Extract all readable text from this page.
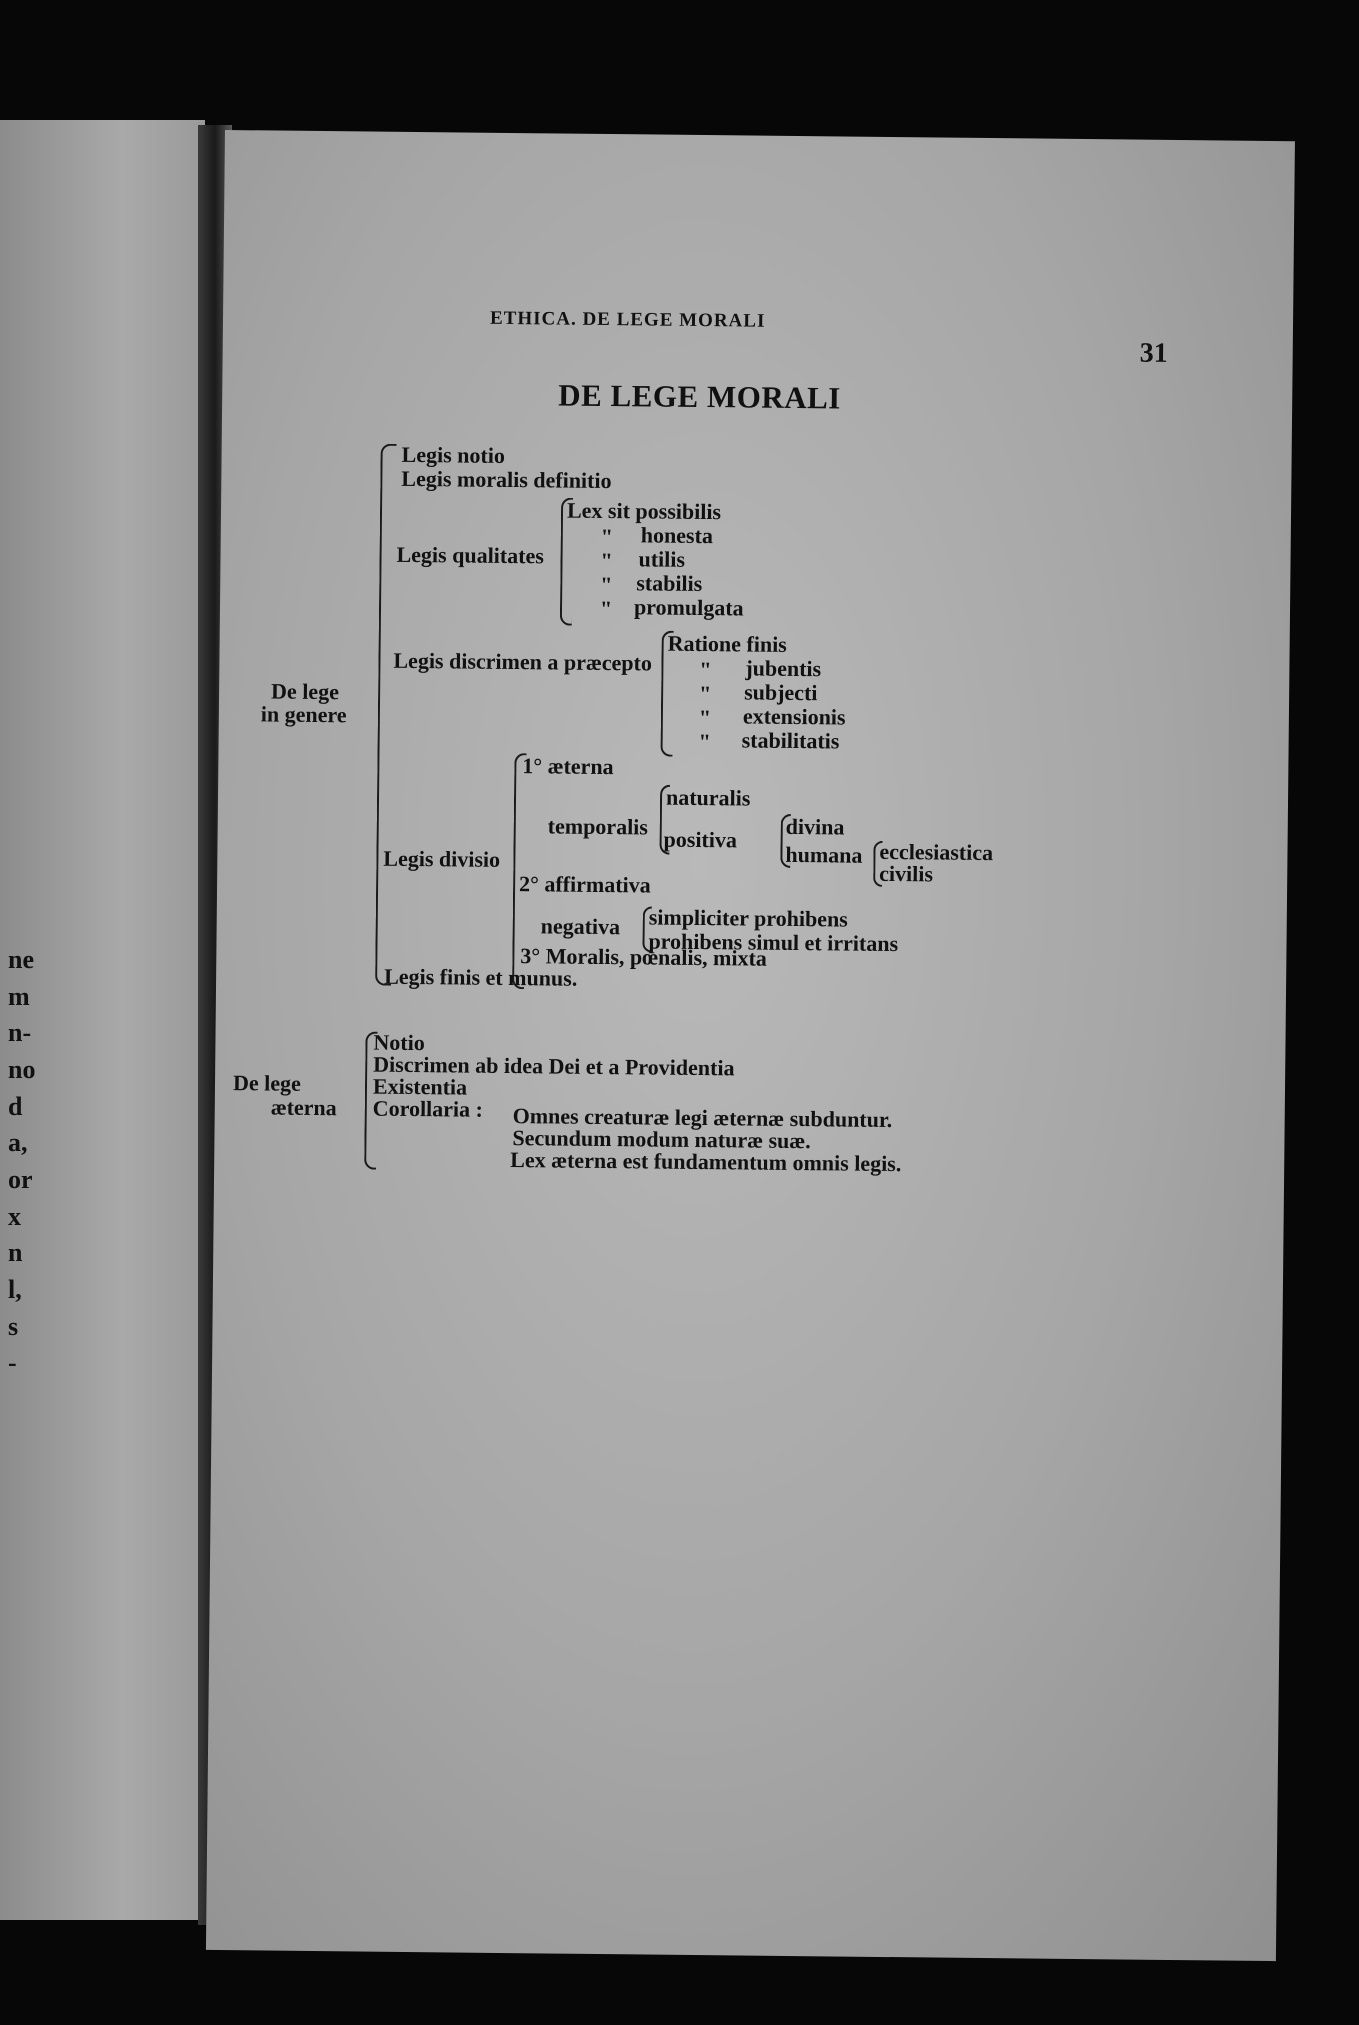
ne
m
n-
no
d
a,
or
x
n
l,
s
-
ETHICA. DE LEGE MORALI
31
DE LEGE MORALI
De lege
in genere
Legis notio
Legis moralis definitio
Legis qualitates
Lex sit possibilis
honesta
utilis
stabilis
promulgata
"
"
"
"
Legis discrimen a præcepto
Ratione finis
jubentis
subjecti
extensionis
stabilitatis
"
"
"
"
Legis divisio
1° æterna
temporalis
naturalis
positiva divina
humana ecclesiastica
civilis
2° affirmativa
negativa simpliciter prohibens
prohibens simul et irritans
3° Moralis, pœnalis, mixta
Legis finis et munus.
De lege
æterna
Notio
Discrimen ab idea Dei et a Providentia
Existentia
Corollaria : Omnes creaturæ legi æternæ subduntur.
Secundum modum naturæ suæ.
Lex æterna est fundamentum omnis legis.
